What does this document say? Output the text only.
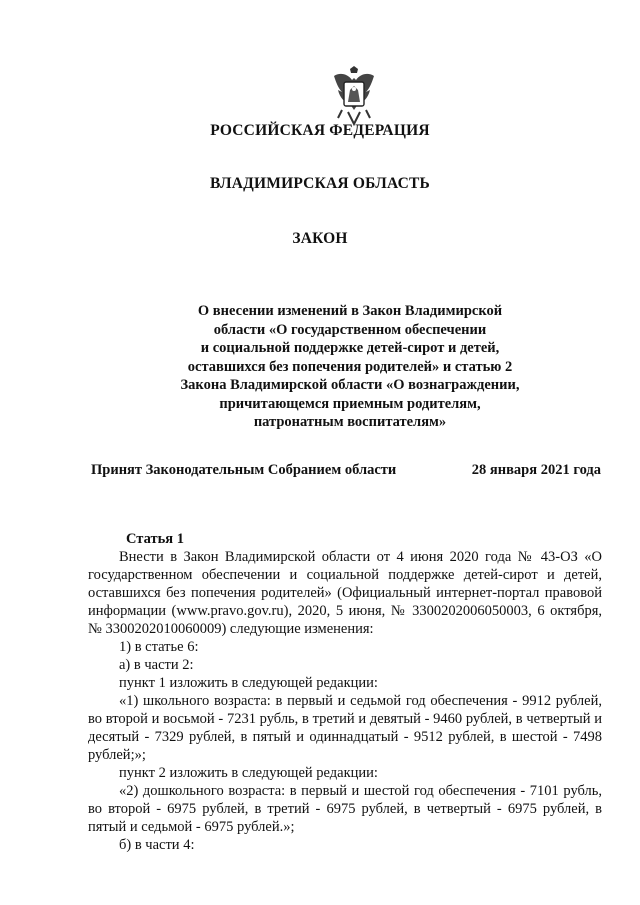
РОССИЙСКАЯ ФЕДЕРАЦИЯ
ВЛАДИМИРСКАЯ ОБЛАСТЬ
ЗАКОН
О внесении изменений в Закон Владимирской
области «О государственном обеспечении
и социальной поддержке детей-сирот и детей,
оставшихся без попечения родителей» и статью 2
Закона Владимирской области «О вознаграждении,
причитающемся приемным родителям,
патронатным воспитателям»
Принят Законодательным Собранием области	28 января 2021 года

Статья 1

Внести в Закон Владимирской области от 4 июня 2020 года № 43-ОЗ «О государственном обеспечении и социальной поддержке детей-сирот и детей, оставшихся без попечения родителей» (Официальный интернет-портал правовой информации (www.pravo.gov.ru), 2020, 5 июня, № 3300202006050003, 6 октября, № 3300202010060009) следующие изменения:

1) в статье 6:

а) в части 2:

пункт 1 изложить в следующей редакции:

«1) школьного возраста: в первый и седьмой год обеспечения - 9912 рублей, во второй и восьмой - 7231 рубль, в третий и девятый - 9460 рублей, в четвертый и десятый - 7329 рублей, в пятый и одиннадцатый - 9512 рублей, в шестой - 7498 рублей;»;

пункт 2 изложить в следующей редакции:

«2) дошкольного возраста: в первый и шестой год обеспечения - 7101 рубль, во второй - 6975 рублей, в третий - 6975 рублей, в четвертый - 6975 рублей, в пятый и седьмой - 6975 рублей.»;

б) в части 4:
